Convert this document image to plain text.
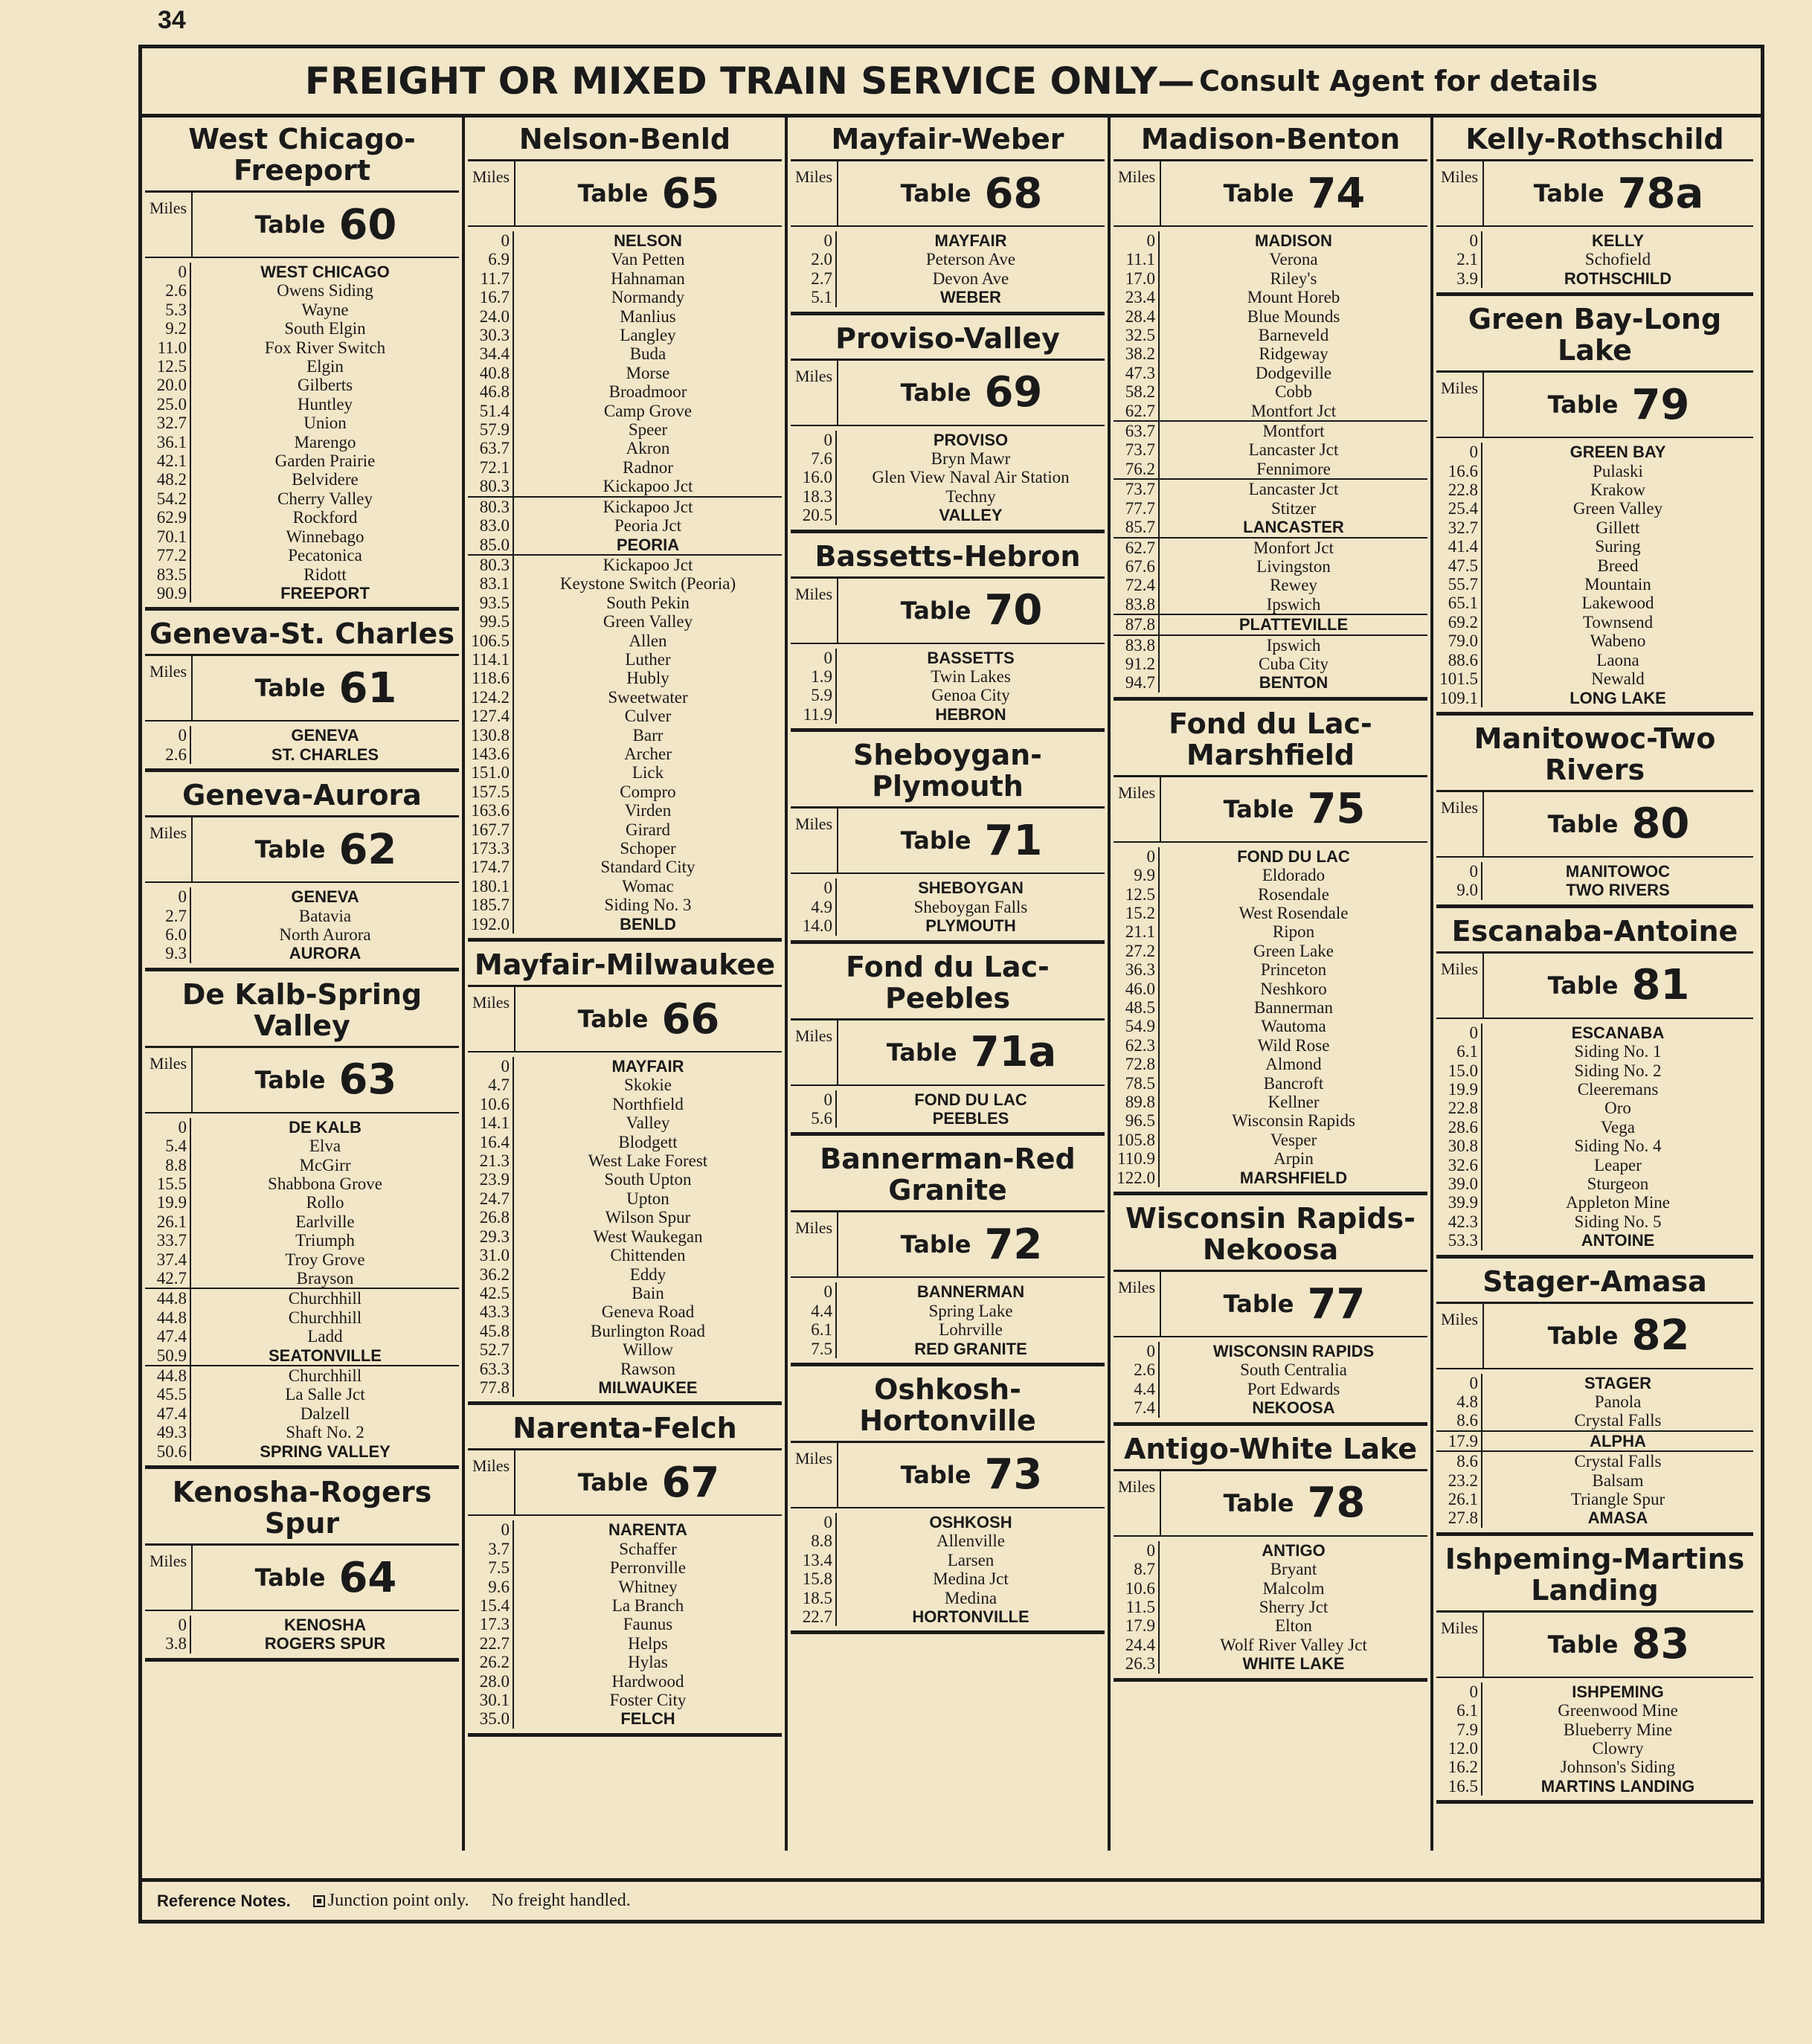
34
FREIGHT OR MIXED TRAIN SERVICE ONLY— Consult Agent for details
West Chicago-Freeport
Miles
Table 60
0	WEST CHICAGO
2.6	Owens Siding
5.3	Wayne
9.2	South Elgin
11.0	Fox River Switch
12.5	Elgin
20.0	Gilberts
25.0	Huntley
32.7	Union
36.1	Marengo
42.1	Garden Prairie
48.2	Belvidere
54.2	Cherry Valley
62.9	Rockford
70.1	Winnebago
77.2	Pecatonica
83.5	Ridott
90.9	FREEPORT
Geneva-St. Charles
Miles
Table 61
0	GENEVA
2.6	ST. CHARLES
Geneva-Aurora
Miles
Table 62
0	GENEVA
2.7	Batavia
6.0	North Aurora
9.3	AURORA
De Kalb-Spring Valley
Miles
Table 63
0	DE KALB
5.4	Elva
8.8	McGirr
15.5	Shabbona Grove
19.9	Rollo
26.1	Earlville
33.7	Triumph
37.4	Troy Grove
42.7	Brayson
44.8	Churchhill
44.8	Churchhill
47.4	Ladd
50.9	SEATONVILLE
44.8	Churchhill
45.5	La Salle Jct
47.4	Dalzell
49.3	Shaft No. 2
50.6	SPRING VALLEY
Kenosha-Rogers Spur
Miles
Table 64
0	KENOSHA
3.8	ROGERS SPUR
Nelson-Benld
Miles
Table 65
0	NELSON
6.9	Van Petten
11.7	Hahnaman
16.7	Normandy
24.0	Manlius
30.3	Langley
34.4	Buda
40.8	Morse
46.8	Broadmoor
51.4	Camp Grove
57.9	Speer
63.7	Akron
72.1	Radnor
80.3	Kickapoo Jct
80.3	Kickapoo Jct
83.0	Peoria Jct
85.0	PEORIA
80.3	Kickapoo Jct
83.1	Keystone Switch (Peoria)
93.5	South Pekin
99.5	Green Valley
106.5	Allen
114.1	Luther
118.6	Hubly
124.2	Sweetwater
127.4	Culver
130.8	Barr
143.6	Archer
151.0	Lick
157.5	Compro
163.6	Virden
167.7	Girard
173.3	Schoper
174.7	Standard City
180.1	Womac
185.7	Siding No. 3
192.0	BENLD
Mayfair-Milwaukee
Miles
Table 66
0	MAYFAIR
4.7	Skokie
10.6	Northfield
14.1	Valley
16.4	Blodgett
21.3	West Lake Forest
23.9	South Upton
24.7	Upton
26.8	Wilson Spur
29.3	West Waukegan
31.0	Chittenden
36.2	Eddy
42.5	Bain
43.3	Geneva Road
45.8	Burlington Road
52.7	Willow
63.3	Rawson
77.8	MILWAUKEE
Narenta-Felch
Miles
Table 67
0	NARENTA
3.7	Schaffer
7.5	Perronville
9.6	Whitney
15.4	La Branch
17.3	Faunus
22.7	Helps
26.2	Hylas
28.0	Hardwood
30.1	Foster City
35.0	FELCH
Mayfair-Weber
Miles
Table 68
0	MAYFAIR
2.0	Peterson Ave
2.7	Devon Ave
5.1	WEBER
Proviso-Valley
Miles
Table 69
0	PROVISO
7.6	Bryn Mawr
16.0	Glen View Naval Air Station
18.3	Techny
20.5	VALLEY
Bassetts-Hebron
Miles
Table 70
0	BASSETTS
1.9	Twin Lakes
5.9	Genoa City
11.9	HEBRON
Sheboygan-Plymouth
Miles
Table 71
0	SHEBOYGAN
4.9	Sheboygan Falls
14.0	PLYMOUTH
Fond du Lac-Peebles
Miles
Table 71a
0	FOND DU LAC
5.6	PEEBLES
Bannerman-Red Granite
Miles
Table 72
0	BANNERMAN
4.4	Spring Lake
6.1	Lohrville
7.5	RED GRANITE
Oshkosh-Hortonville
Miles
Table 73
0	OSHKOSH
8.8	Allenville
13.4	Larsen
15.8	Medina Jct
18.5	Medina
22.7	HORTONVILLE
Madison-Benton
Miles
Table 74
0	MADISON
11.1	Verona
17.0	Riley's
23.4	Mount Horeb
28.4	Blue Mounds
32.5	Barneveld
38.2	Ridgeway
47.3	Dodgeville
58.2	Cobb
62.7	Montfort Jct
63.7	Montfort
73.7	Lancaster Jct
76.2	Fennimore
73.7	Lancaster Jct
77.7	Stitzer
85.7	LANCASTER
62.7	Monfort Jct
67.6	Livingston
72.4	Rewey
83.8	Ipswich
87.8	PLATTEVILLE
83.8	Ipswich
91.2	Cuba City
94.7	BENTON
Fond du Lac-Marshfield
Miles
Table 75
0	FOND DU LAC
9.9	Eldorado
12.5	Rosendale
15.2	West Rosendale
21.1	Ripon
27.2	Green Lake
36.3	Princeton
46.0	Neshkoro
48.5	Bannerman
54.9	Wautoma
62.3	Wild Rose
72.8	Almond
78.5	Bancroft
89.8	Kellner
96.5	Wisconsin Rapids
105.8	Vesper
110.9	Arpin
122.0	MARSHFIELD
Wisconsin Rapids-Nekoosa
Miles
Table 77
0	WISCONSIN RAPIDS
2.6	South Centralia
4.4	Port Edwards
7.4	NEKOOSA
Antigo-White Lake
Miles
Table 78
0	ANTIGO
8.7	Bryant
10.6	Malcolm
11.5	Sherry Jct
17.9	Elton
24.4	Wolf River Valley Jct
26.3	WHITE LAKE
Kelly-Rothschild
Miles
Table 78a
0	KELLY
2.1	Schofield
3.9	ROTHSCHILD
Green Bay-Long Lake
Miles
Table 79
0	GREEN BAY
16.6	Pulaski
22.8	Krakow
25.4	Green Valley
32.7	Gillett
41.4	Suring
47.5	Breed
55.7	Mountain
65.1	Lakewood
69.2	Townsend
79.0	Wabeno
88.6	Laona
101.5	Newald
109.1	LONG LAKE
Manitowoc-Two Rivers
Miles
Table 80
0	MANITOWOC
9.0	TWO RIVERS
Escanaba-Antoine
Miles
Table 81
0	ESCANABA
6.1	Siding No. 1
15.0	Siding No. 2
19.9	Cleeremans
22.8	Oro
28.6	Vega
30.8	Siding No. 4
32.6	Leaper
39.0	Sturgeon
39.9	Appleton Mine
42.3	Siding No. 5
53.3	ANTOINE
Stager-Amasa
Miles
Table 82
0	STAGER
4.8	Panola
8.6	Crystal Falls
17.9	ALPHA
8.6	Crystal Falls
23.2	Balsam
26.1	Triangle Spur
27.8	AMASA
Ishpeming-Martins Landing
Miles
Table 83
0	ISHPEMING
6.1	Greenwood Mine
7.9	Blueberry Mine
12.0	Clowry
16.2	Johnson's Siding
16.5	MARTINS LANDING
Reference Notes.	Junction point only. No freight handled.
